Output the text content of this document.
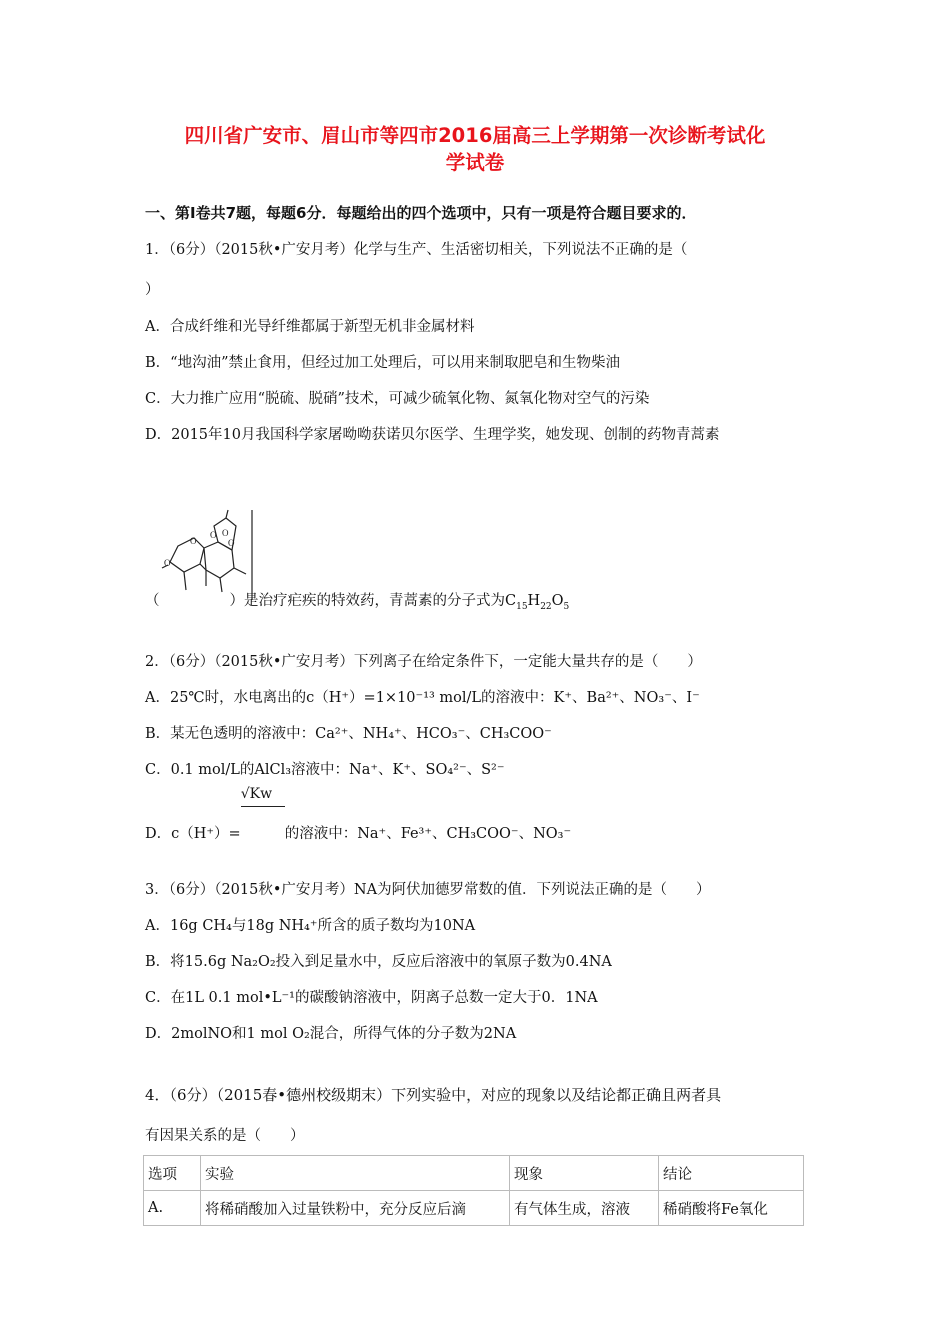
四川省广安市、眉山市等四市2016届高三上学期第一次诊断考试化
学试卷
一、第Ⅰ卷共7题，每题6分．每题给出的四个选项中，只有一项是符合题目要求的．
1．（6分）（2015秋•广安月考）化学与生产、生活密切相关，下列说法不正确的是（
）
A．合成纤维和光导纤维都属于新型无机非金属材料
B．“地沟油”禁止食用，但经过加工处理后，可以用来制取肥皂和生物柴油
C．大力推广应用“脱硫、脱硝”技术，可减少硫氧化物、氮氧化物对空气的污染
D．2015年10月我国科学家屠呦呦获诺贝尔医学、生理学奖，她发现、创制的药物青蒿素
O
O O
O
O
（	）是治疗疟疾的特效药，青蒿素的分子式为$C_{15}H_{22}O_5$
2．（6分）（2015秋•广安月考）下列离子在给定条件下，一定能大量共存的是（　　）
A．25℃时，水电离出的c（H⁺）=1×10⁻¹³ mol/L的溶液中：K⁺、Ba²⁺、NO₃⁻、I⁻
B．某无色透明的溶液中：Ca²⁺、NH₄⁺、HCO₃⁻、CH₃COO⁻
C．0.1 mol/L的AlCl₃溶液中：Na⁺、K⁺、SO₄²⁻、S²⁻
D．c（H⁺）=
√Kw
的溶液中：Na⁺、Fe³⁺、CH₃COO⁻、NO₃⁻
3．（6分）（2015秋•广安月考）NA为阿伏加德罗常数的值．下列说法正确的是（　　）
A．16g CH₄与18g NH₄⁺所含的质子数均为10NA
B．将15.6g Na₂O₂投入到足量水中，反应后溶液中的氧原子数为0.4NA
C．在1L 0.1 mol•L⁻¹的碳酸钠溶液中，阴离子总数一定大于0．1NA
D．2molNO和1 mol O₂混合，所得气体的分子数为2NA
4．（6分）（2015春•德州校级期末）下列实验中，对应的现象以及结论都正确且两者具
有因果关系的是（　　）
选项	实验	现象	结论
A.	将稀硝酸加入过量铁粉中，充分反应后滴	有气体生成，溶液	稀硝酸将Fe氧化
